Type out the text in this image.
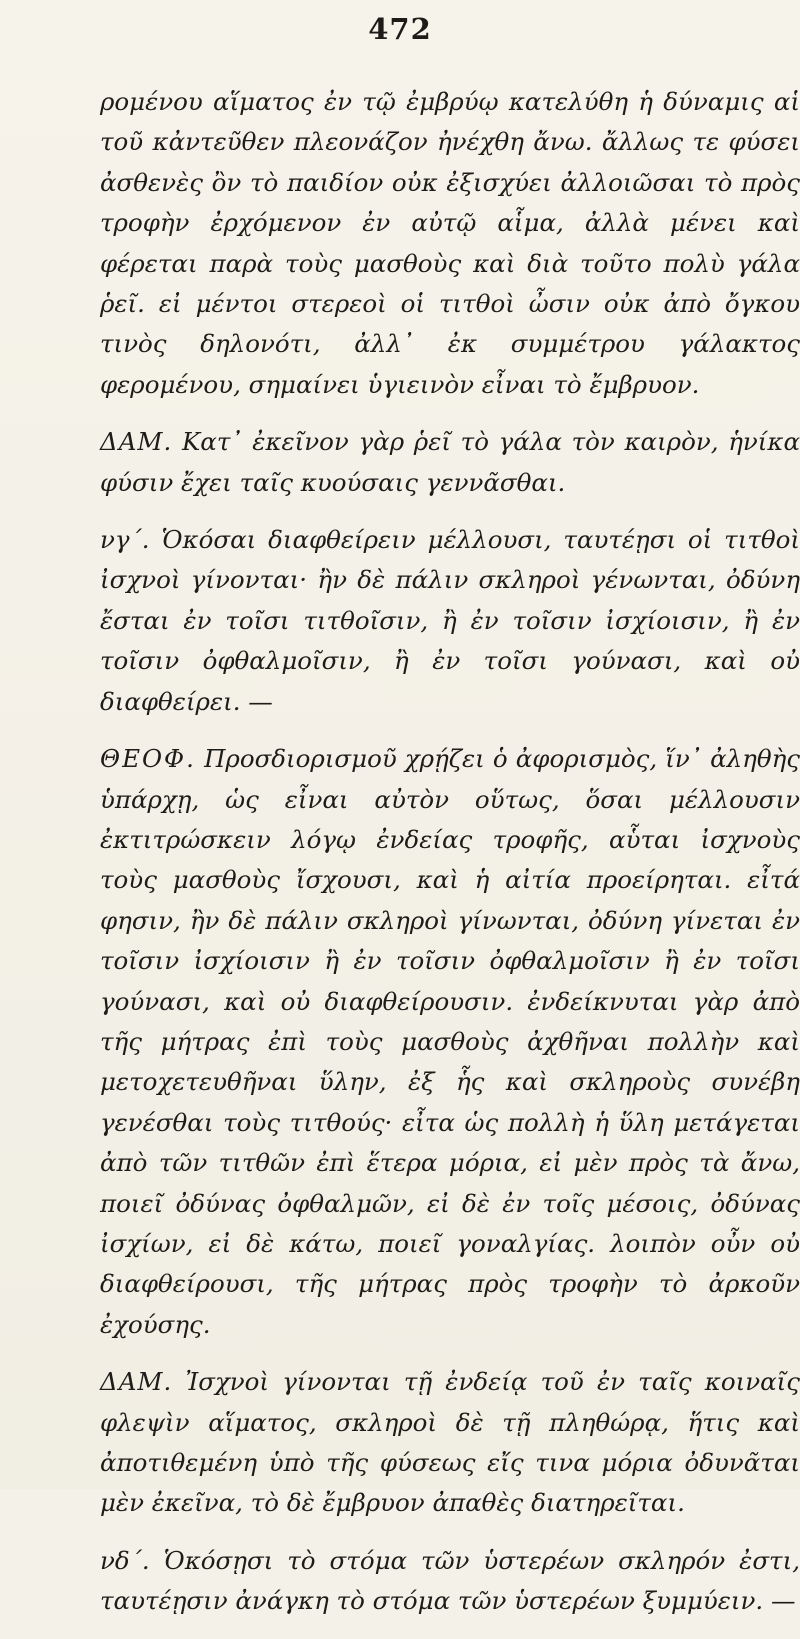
472

ρομένου αἵματος ἐν τῷ ἐμβρύῳ κατελύθη ἡ δύναμις αἱ τοῦ κἀντεῦθεν πλεονάζον ἠνέχθη ἄνω. ἄλλως τε φύσει ἀσθενὲς ὂν τὸ παιδίον οὐκ ἐξισχύει ἀλλοιῶσαι τὸ πρὸς τροφὴν ἐρχόμενον ἐν αὐτῷ αἷμα, ἀλλὰ μένει καὶ φέρεται παρὰ τοὺς μασθοὺς καὶ διὰ τοῦτο πολὺ γάλα ῥεῖ. εἰ μέντοι στερεοὶ οἱ τιτθοὶ ὦσιν οὐκ ἀπὸ ὄγκου τινὸς δηλονότι, ἀλλ᾽ ἐκ συμμέτρου γάλακτος φερομένου, σημαίνει ὑγιεινὸν εἶναι τὸ ἔμβρυον.

ΔΑΜ. Κατ᾽ ἐκεῖνον γὰρ ῥεῖ τὸ γάλα τὸν καιρὸν, ἡνίκα φύσιν ἔχει ταῖς κυούσαις γεννᾶσθαι.

νγ΄. Ὁκόσαι διαφθείρειν μέλλουσι, ταυτέῃσι οἱ τιτθοὶ ἰσχνοὶ γίνονται· ἢν δὲ πάλιν σκληροὶ γένωνται, ὀδύνη ἔσται ἐν τοῖσι τιτθοῖσιν, ἢ ἐν τοῖσιν ἰσχίοισιν, ἢ ἐν τοῖσιν ὀφθαλμοῖσιν, ἢ ἐν τοῖσι γούνασι, καὶ οὐ διαφθείρει. —

ΘΕΟΦ. Προσδιορισμοῦ χρῄζει ὁ ἀφορισμὸς, ἵν᾽ ἀληθὴς ὑπάρχῃ, ὡς εἶναι αὐτὸν οὕτως, ὅσαι μέλλουσιν ἐκτιτρώσκειν λόγῳ ἐνδείας τροφῆς, αὗται ἰσχνοὺς τοὺς μασθοὺς ἴσχουσι, καὶ ἡ αἰτία προείρηται. εἶτά φησιν, ἢν δὲ πάλιν σκληροὶ γίνωνται, ὀδύνη γίνεται ἐν τοῖσιν ἰσχίοισιν ἢ ἐν τοῖσιν ὀφθαλμοῖσιν ἢ ἐν τοῖσι γούνασι, καὶ οὐ διαφθείρουσιν. ἐνδείκνυται γὰρ ἀπὸ τῆς μήτρας ἐπὶ τοὺς μασθοὺς ἀχθῆναι πολλὴν καὶ μετοχετευθῆναι ὕλην, ἐξ ἧς καὶ σκληροὺς συνέβη γενέσθαι τοὺς τιτθούς· εἶτα ὡς πολλὴ ἡ ὕλη μετάγεται ἀπὸ τῶν τιτθῶν ἐπὶ ἕτερα μόρια, εἰ μὲν πρὸς τὰ ἄνω, ποιεῖ ὀδύνας ὀφθαλμῶν, εἰ δὲ ἐν τοῖς μέσοις, ὀδύνας ἰσχίων, εἰ δὲ κάτω, ποιεῖ γοναλγίας. λοιπὸν οὖν οὐ διαφθείρουσι, τῆς μήτρας πρὸς τροφὴν τὸ ἀρκοῦν ἐχούσης.

ΔΑΜ. Ἰσχνοὶ γίνονται τῇ ἐνδείᾳ τοῦ ἐν ταῖς κοιναῖς φλεψὶν αἵματος, σκληροὶ δὲ τῇ πληθώρᾳ, ἥτις καὶ ἀποτιθεμένη ὑπὸ τῆς φύσεως εἴς τινα μόρια ὀδυνᾶται μὲν ἐκεῖνα, τὸ δὲ ἔμβρυον ἀπαθὲς διατηρεῖται.

νδ΄. Ὁκόσῃσι τὸ στόμα τῶν ὑστερέων σκληρόν ἐστι, ταυτέῃσιν ἀνάγκη τὸ στόμα τῶν ὑστερέων ξυμμύειν. —
